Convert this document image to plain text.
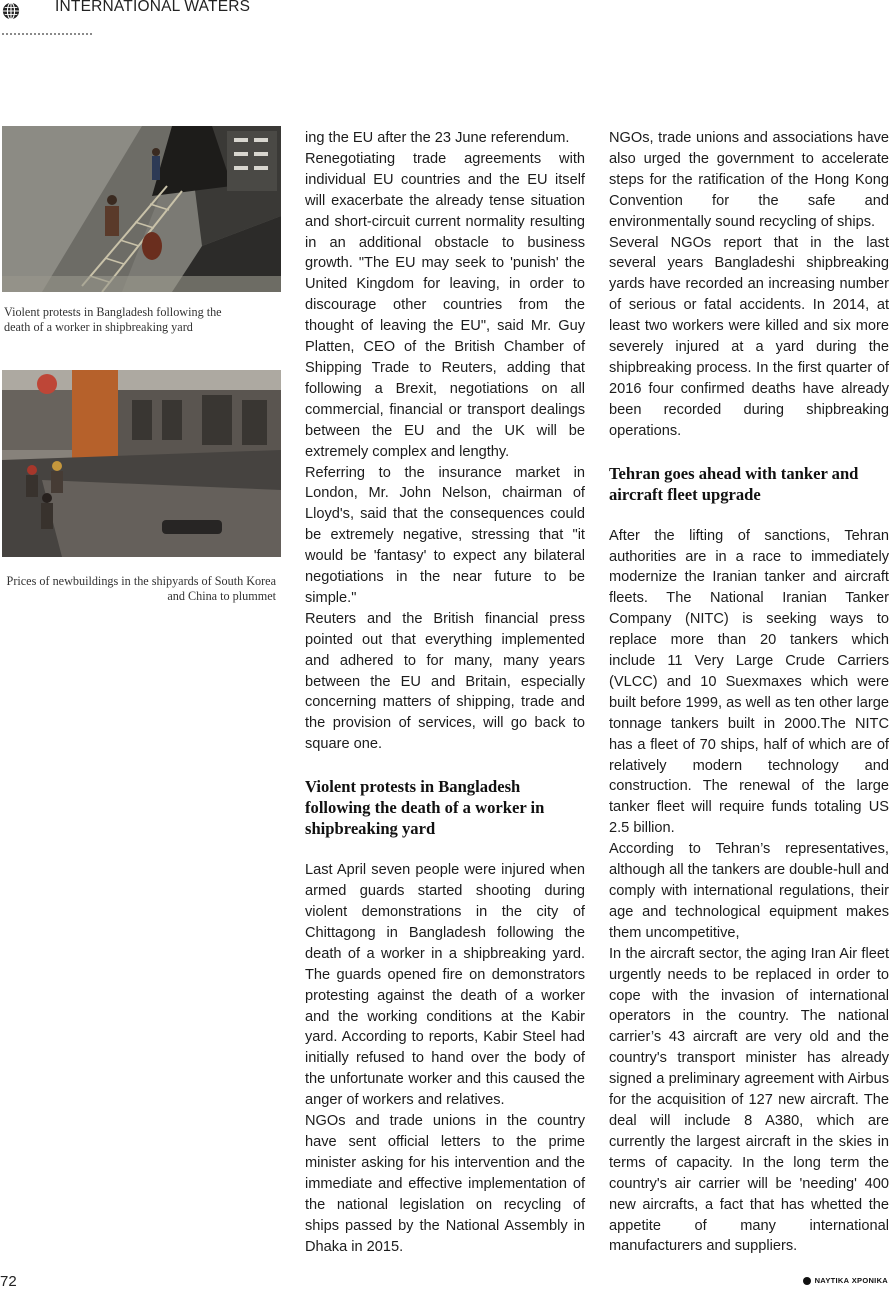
INTERNATIONAL WATERS
Violent protests in Bangladesh following the death of a worker in shipbreaking yard
Prices of newbuildings in the shipyards of South Korea and China to plummet

ing the EU after the 23 June referendum.

Renegotiating trade agreements with individual EU countries and the EU itself will exacerbate the already tense situation and short-circuit current normality resulting in an additional obstacle to business growth. "The EU may seek to 'punish' the United Kingdom for leaving, in order to discourage other countries from the thought of leaving the EU", said Mr. Guy Platten, CEO of the British Chamber of Shipping Trade to Reuters, adding that following a Brexit, negotiations on all commercial, financial or transport dealings between the EU and the UK will be extremely complex and lengthy.

Referring to the insurance market in London, Mr. John Nelson, chairman of Lloyd's, said that the consequences could be extremely negative, stressing that "it would be 'fantasy' to expect any bilateral negotiations in the near future to be simple."

Reuters and the British financial press pointed out that everything implemented and adhered to for many, many years between the EU and Britain, especially concerning matters of shipping, trade and the provision of services, will go back to square one.

Violent protests in Bangladesh following the death of a worker in shipbreaking yard

Last April seven people were injured when armed guards started shooting during violent demonstrations in the city of Chittagong in Bangladesh following the death of a worker in a shipbreaking yard. The guards opened fire on demonstrators protesting against the death of a worker and the working conditions at the Kabir yard. According to reports, Kabir Steel had initially refused to hand over the body of the unfortunate worker and this caused the anger of workers and relatives.

NGOs and trade unions in the country have sent official letters to the prime minister asking for his intervention and the immediate and effective implementation of the national legislation on recycling of ships passed by the National Assembly in Dhaka in 2015.

NGOs, trade unions and associations have also urged the government to accelerate steps for the ratification of the Hong Kong Convention for the safe and environmentally sound recycling of ships.

Several NGOs report that in the last several years Bangladeshi shipbreaking yards have recorded an increasing number of serious or fatal accidents. In 2014, at least two workers were killed and six more severely injured at a yard during the shipbreaking process. In the first quarter of 2016 four confirmed deaths have already been recorded during shipbreaking operations.

Tehran goes ahead with tanker and aircraft fleet upgrade

After the lifting of sanctions, Tehran authorities are in a race to immediately modernize the Iranian tanker and aircraft fleets. The National Iranian Tanker Company (NITC) is seeking ways to replace more than 20 tankers which include 11 Very Large Crude Carriers (VLCC) and 10 Suexmaxes which were built before 1999, as well as ten other large tonnage tankers built in 2000.The NITC has a fleet of 70 ships, half of which are of relatively modern technology and construction. The renewal of the large tanker fleet will require funds totaling US 2.5 billion.

According to Tehran’s representatives, although all the tankers are double-hull and comply with international regulations, their age and technological equipment makes them uncompetitive,

In the aircraft sector, the aging Iran Air fleet urgently needs to be replaced in order to cope with the invasion of international operators in the country. The national carrier’s 43 aircraft are very old and the country's transport minister has already signed a preliminary agreement with Airbus for the acquisition of 127 new aircraft. The deal will include 8 A380, which are currently the largest aircraft in the skies in terms of capacity. In the long term the country's air carrier will be 'needing' 400 new aircrafts, a fact that has whetted the appetite of many international manufacturers and suppliers.

72	ΝΑΥΤΙΚΑ ΧΡΟΝΙΚΑ
